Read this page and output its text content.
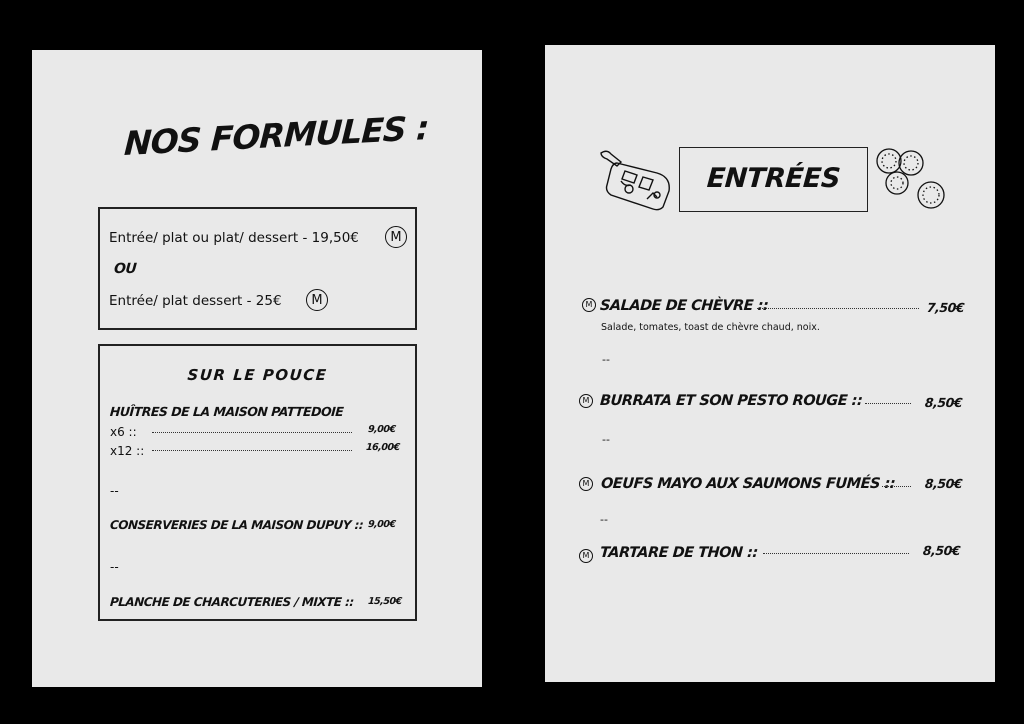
NOS FORMULES :
Entrée/ plat ou plat/ dessert - 19,50€	M
OU
Entrée/ plat dessert - 25€	M
SUR LE POUCE
HUÎTRES DE LA MAISON PATTEDOIE
x6 ::	9,00€
x12 ::	16,00€
--
CONSERVERIES DE LA MAISON DUPUY :: 9,00€
--
PLANCHE DE CHARCUTERIES / MIXTE :: 15,50€
ENTRÉES
M SALADE DE CHÈVRE ::	7,50€
Salade, tomates, toast de chèvre chaud, noix.
--
M BURRATA ET SON PESTO ROUGE ::	8,50€
--
M OEUFS MAYO AUX SAUMONS FUMÉS :: 8,50€
--
M TARTARE DE THON ::	8,50€
